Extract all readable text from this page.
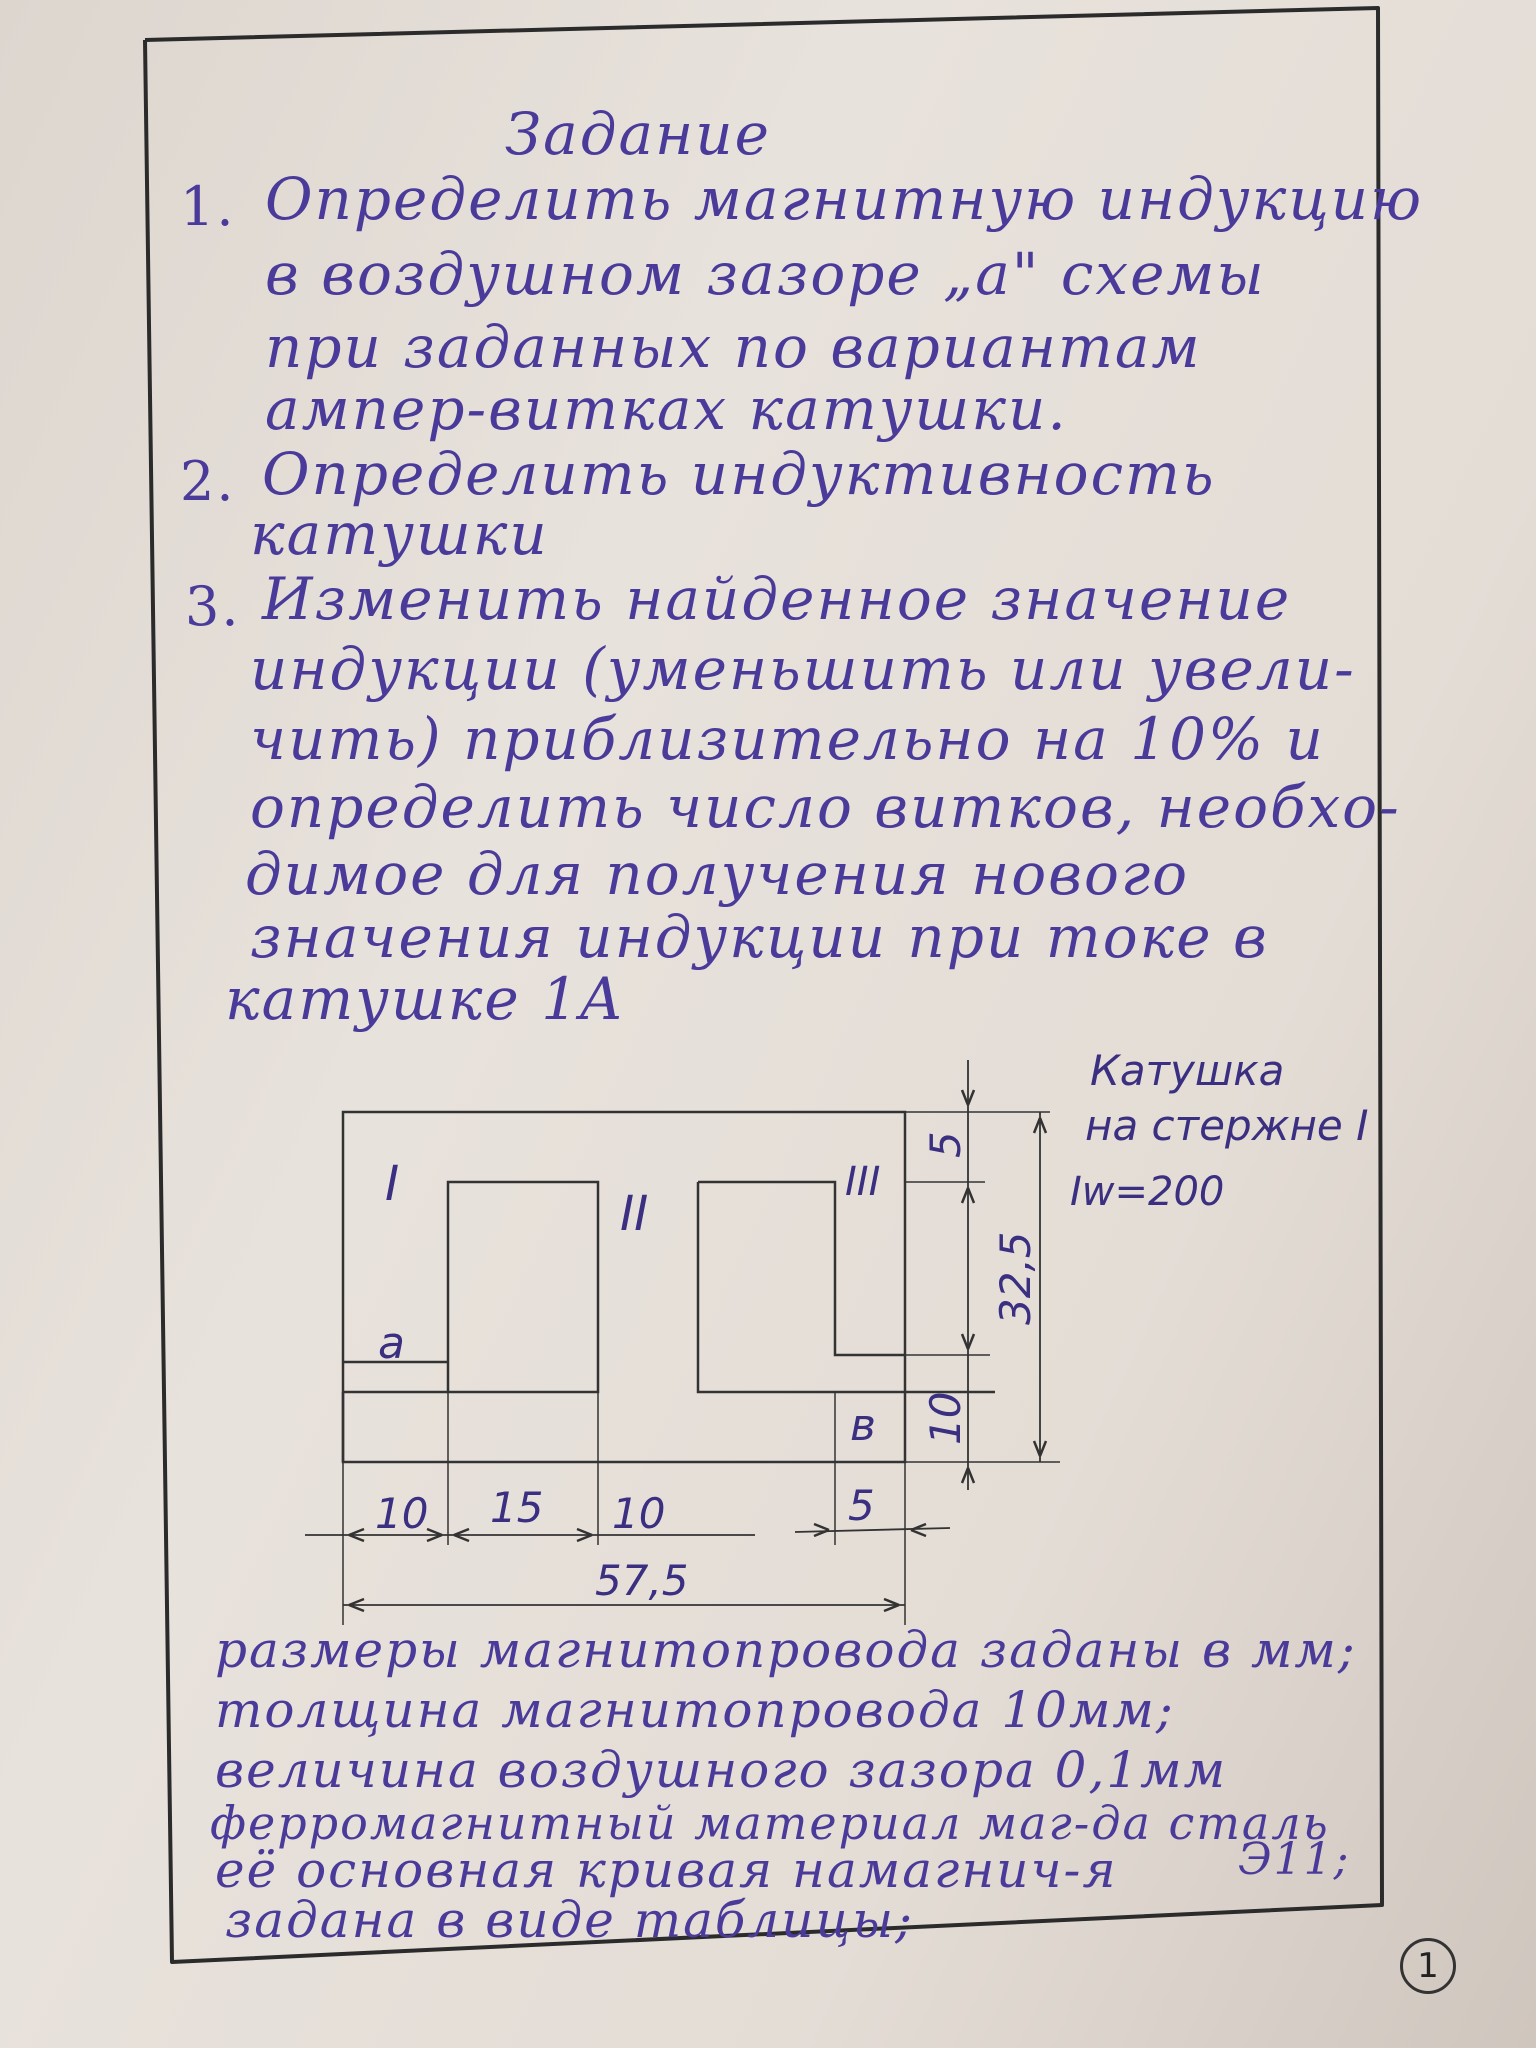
I
II
III
a
в
5
32,5
10
10 15 10	5
57,5
Катушка
на стержне I
Iw=200
Задание
1. Определить магнитную индукцию
в воздушном зазоре „a" схемы
при заданных по вариантам
ампер-витках катушки.
2. Определить индуктивность
катушки
3. Изменить найденное значение
индукции (уменьшить или увели-
чить) приблизительно на 10% и
определить число витков, необхо-
димое для получения нового
значения индукции при токе в
катушке 1A
размеры магнитопровода заданы в мм;
толщина магнитопровода 10мм;
величина воздушного зазора 0,1мм
ферромагнитный материал маг-да сталь
её основная кривая намагнич-я	Э11;
задана в виде таблицы;
1
